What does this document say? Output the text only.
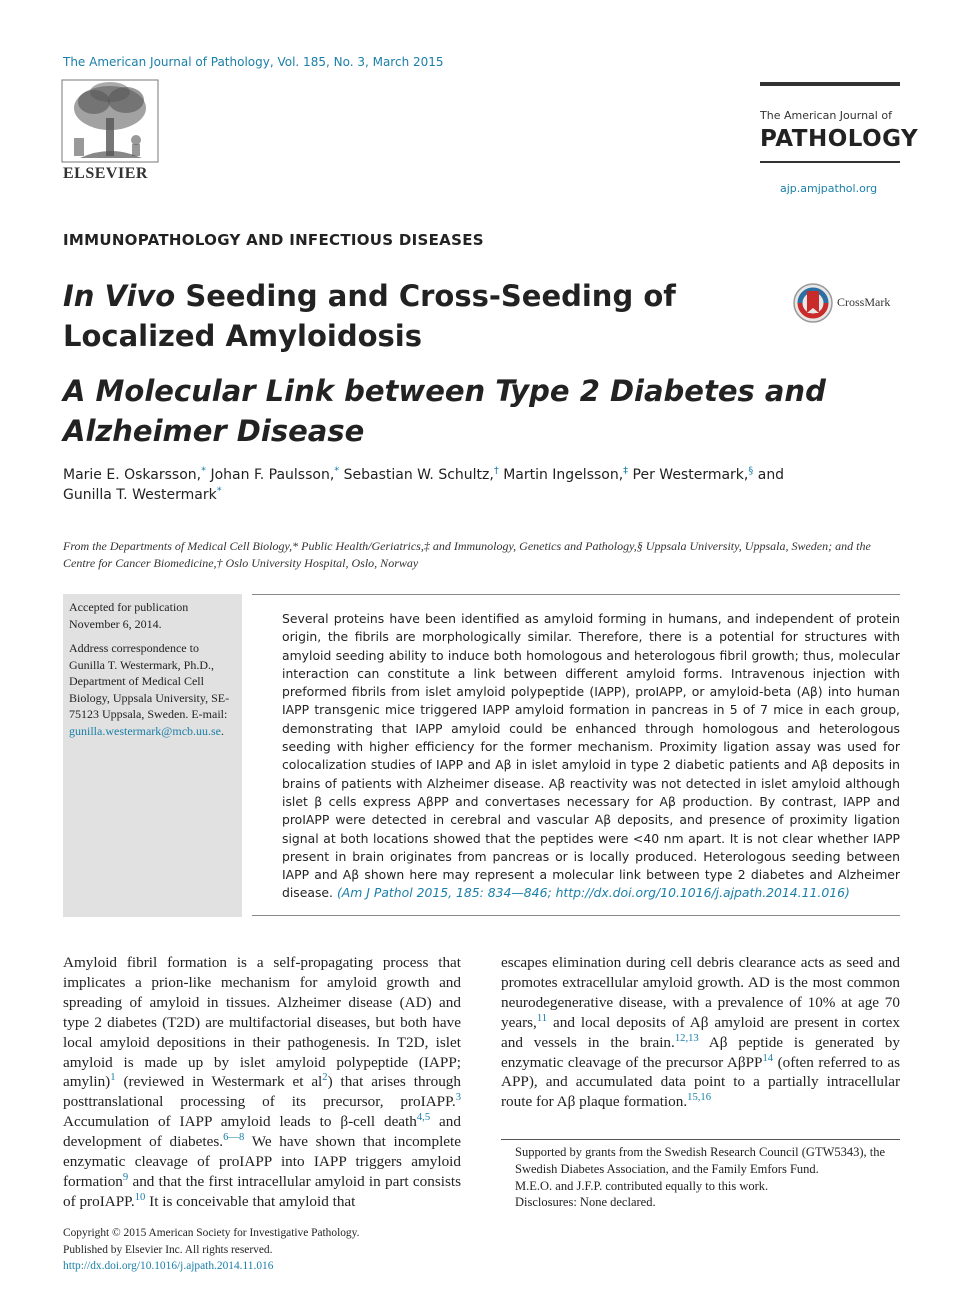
The American Journal of Pathology, Vol. 185, No. 3, March 2015
ELSEVIER
The American Journal of
PATHOLOGY
ajp.amjpathol.org
IMMUNOPATHOLOGY AND INFECTIOUS DISEASES
In Vivo Seeding and Cross-Seeding of Localized Amyloidosis
A Molecular Link between Type 2 Diabetes and Alzheimer Disease
CrossMark
Marie E. Oskarsson,* Johan F. Paulsson,* Sebastian W. Schultz,† Martin Ingelsson,‡ Per Westermark,§ and
Gunilla T. Westermark*
From the Departments of Medical Cell Biology,* Public Health/Geriatrics,‡ and Immunology, Genetics and Pathology,§ Uppsala University, Uppsala, Sweden; and the Centre for Cancer Biomedicine,† Oslo University Hospital, Oslo, Norway

Accepted for publication November 6, 2014.

Address correspondence to Gunilla T. Westermark, Ph.D., Department of Medical Cell Biology, Uppsala University, SE-75123 Uppsala, Sweden. E-mail: gunilla.westermark@mcb.uu.se.

Several proteins have been identified as amyloid forming in humans, and independent of protein origin, the fibrils are morphologically similar. Therefore, there is a potential for structures with amyloid seeding ability to induce both homologous and heterologous fibril growth; thus, molecular interaction can constitute a link between different amyloid forms. Intravenous injection with preformed fibrils from islet amyloid polypeptide (IAPP), proIAPP, or amyloid-beta (Aβ) into human IAPP transgenic mice triggered IAPP amyloid formation in pancreas in 5 of 7 mice in each group, demonstrating that IAPP amyloid could be enhanced through homologous and heterologous seeding with higher efficiency for the former mechanism. Proximity ligation assay was used for colocalization studies of IAPP and Aβ in islet amyloid in type 2 diabetic patients and Aβ deposits in brains of patients with Alzheimer disease. Aβ reactivity was not detected in islet amyloid although islet β cells express AβPP and convertases necessary for Aβ production. By contrast, IAPP and proIAPP were detected in cerebral and vascular Aβ deposits, and presence of proximity ligation signal at both locations showed that the peptides were <40 nm apart. It is not clear whether IAPP present in brain originates from pancreas or is locally produced. Heterologous seeding between IAPP and Aβ shown here may represent a molecular link between type 2 diabetes and Alzheimer disease. (Am J Pathol 2015, 185: 834—846; http://dx.doi.org/10.1016/j.ajpath.2014.11.016)
Amyloid fibril formation is a self-propagating process that implicates a prion-like mechanism for amyloid growth and spreading of amyloid in tissues. Alzheimer disease (AD) and type 2 diabetes (T2D) are multifactorial diseases, but both have local amyloid depositions in their pathogenesis. In T2D, islet amyloid is made up by islet amyloid polypeptide (IAPP; amylin)$^1$ (reviewed in Westermark et $al^2$) that arises through posttranslational processing of its precursor, proIAPP.$^3$ Accumulation of IAPP amyloid leads to β-cell death$^{4,5}$ and development of diabetes.$^{6—8}$ We have shown that incomplete enzymatic cleavage of proIAPP into IAPP triggers amyloid formation$^9$ and that the first intracellular amyloid in part consists of proIAPP.$^{10}$ It is conceivable that amyloid that
escapes elimination during cell debris clearance acts as seed and promotes extracellular amyloid growth. AD is the most common neurodegenerative disease, with a prevalence of 10% at age 70 years,$^{11}$ and local deposits of Aβ amyloid are present in cortex and vessels in the brain.$^{12,13}$ Aβ peptide is generated by enzymatic cleavage of the precursor AβPP$^{14}$ (often referred to as APP), and accumulated data point to a partially intracellular route for Aβ plaque formation.$^{15,16}$

Supported by grants from the Swedish Research Council (GTW5343), the Swedish Diabetes Association, and the Family Emfors Fund.

M.E.O. and J.F.P. contributed equally to this work.

Disclosures: None declared.

Copyright © 2015 American Society for Investigative Pathology.
Published by Elsevier Inc. All rights reserved.
http://dx.doi.org/10.1016/j.ajpath.2014.11.016
